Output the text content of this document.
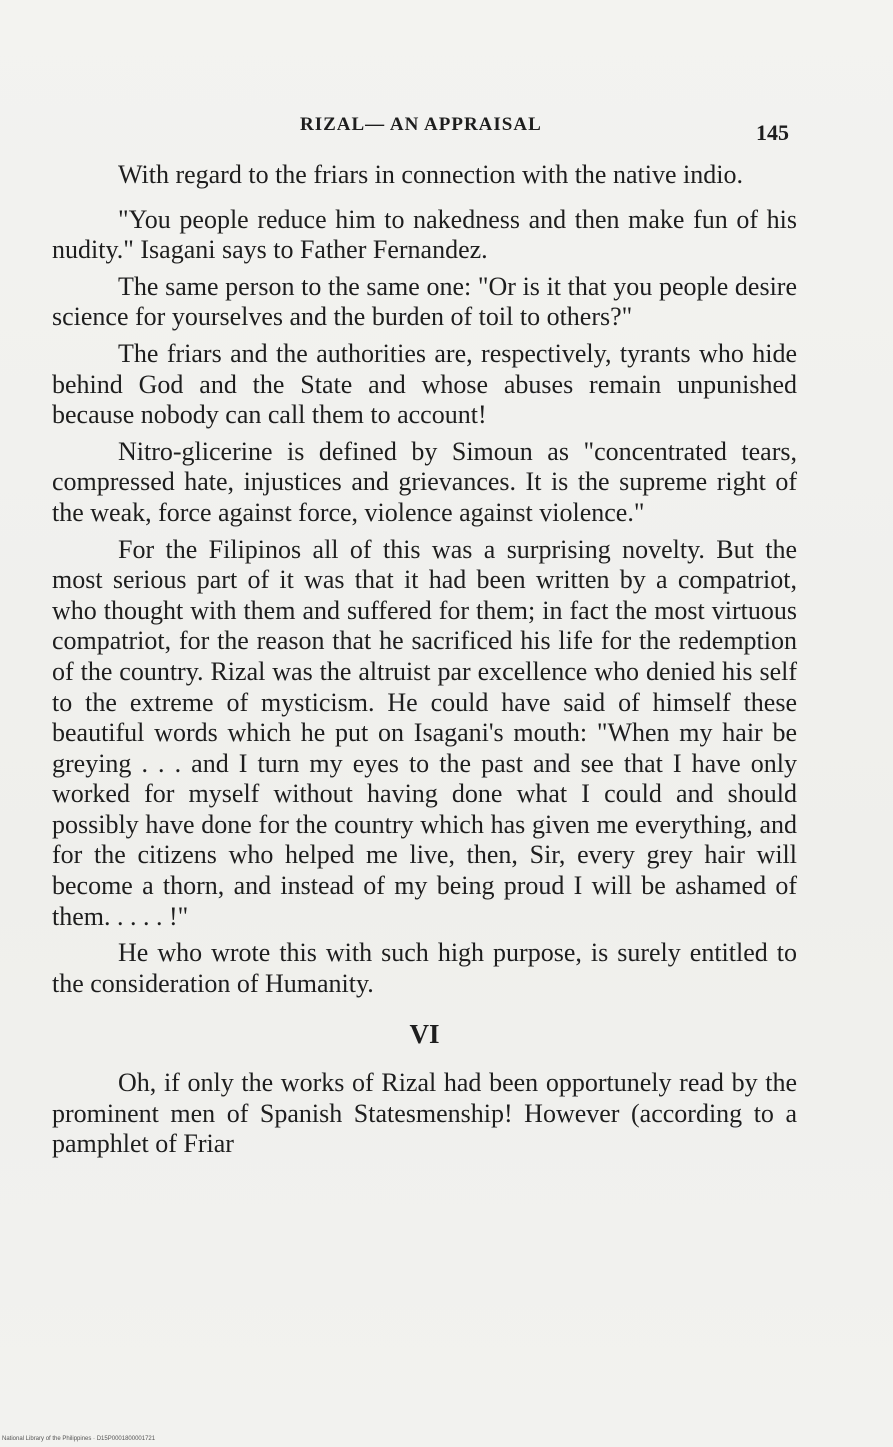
RIZAL— AN APPRAISAL	145

With regard to the friars in connection with the native indio.

"You people reduce him to nakedness and then make fun of his nudity." Isagani says to Father Fernandez.

The same person to the same one: "Or is it that you people desire science for yourselves and the burden of toil to others?"

The friars and the authorities are, respectively, tyrants who hide behind God and the State and whose abuses remain unpunished because nobody can call them to account!

Nitro-glicerine is defined by Simoun as "concentrated tears, compressed hate, injustices and grievances. It is the supreme right of the weak, force against force, violence against violence."

For the Filipinos all of this was a surprising novelty. But the most serious part of it was that it had been written by a compatriot, who thought with them and suffered for them; in fact the most virtuous compatriot, for the reason that he sacrificed his life for the redemption of the country. Rizal was the altruist par excellence who denied his self to the extreme of mysticism. He could have said of himself these beautiful words which he put on Isagani's mouth: "When my hair be greying . . . and I turn my eyes to the past and see that I have only worked for myself without having done what I could and should possibly have done for the country which has given me everything, and for the citizens who helped me live, then, Sir, every grey hair will become a thorn, and instead of my being proud I will be ashamed of them. . . . . !"

He who wrote this with such high purpose, is surely entitled to the consideration of Humanity.

VI

Oh, if only the works of Rizal had been opportunely read by the prominent men of Spanish Statesmenship! However (according to a pamphlet of Friar

National Library of the Philippines · D15P0001800001721
